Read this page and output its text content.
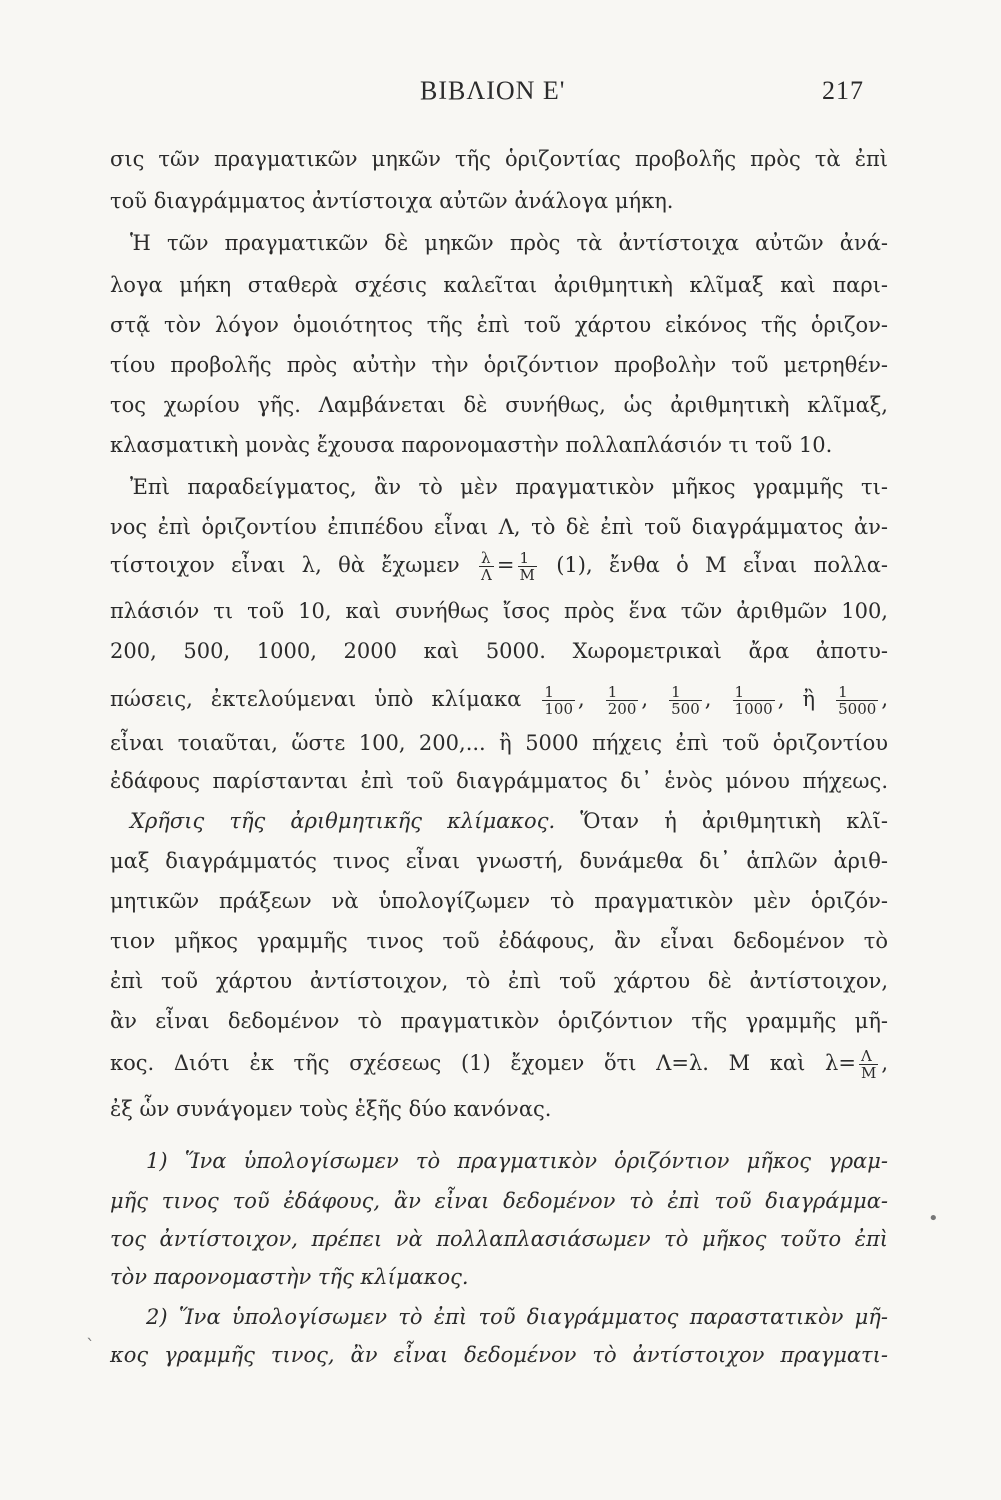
ΒΙΒΛΙΟΝ Ε'	217
σις τῶν πραγματικῶν μηκῶν τῆς ὁριζοντίας προβολῆς πρὸς τὰ ἐπὶ
τοῦ διαγράμματος ἀντίστοιχα αὐτῶν ἀνάλογα μήκη.
Ἡ τῶν πραγματικῶν δὲ μηκῶν πρὸς τὰ ἀντίστοιχα αὐτῶν ἀνά-
λογα μήκη σταθερὰ σχέσις καλεῖται ἀριθμητικὴ κλῖμαξ καὶ παρι-
στᾷ τὸν λόγον ὁμοιότητος τῆς ἐπὶ τοῦ χάρτου εἰκόνος τῆς ὁριζον-
τίου προβολῆς πρὸς αὐτὴν τὴν ὁριζόντιον προβολὴν τοῦ μετρηθέν-
τος χωρίου γῆς. Λαμβάνεται δὲ συνήθως, ὡς ἀριθμητικὴ κλῖμαξ,
κλασματικὴ μονὰς ἔχουσα παρονομαστὴν πολλαπλάσιόν τι τοῦ 10.
Ἐπὶ παραδείγματος, ἂν τὸ μὲν πραγματικὸν μῆκος γραμμῆς τι-
νος ἐπὶ ὁριζοντίου ἐπιπέδου εἶναι Λ, τὸ δὲ ἐπὶ τοῦ διαγράμματος ἀν-
τίστοιχον εἶναι λ, θὰ ἔχωμεν $\frac{\lambda}{\Lambda} = \frac{1}{M} (1)$, ἔνθα ὁ Μ εἶναι πολλα-
πλάσιόν τι τοῦ 10, καὶ συνήθως ἴσος πρὸς ἕνα τῶν ἀριθμῶν 100,
200, 500, 1000, 2000 καὶ 5000. Χωρομετρικαὶ ἄρα ἀποτυ-
πώσεις, ἐκτελούμεναι ὑπὸ κλίμακα $\frac{1}{100}$ , $\frac{1}{200}$ , $\frac{1}{500}$ , $\frac{1}{1000}$ , ἢ $\frac{1}{5000}$ ,
εἶναι τοιαῦται, ὥστε 100, 200,... ἢ 5000 πήχεις ἐπὶ τοῦ ὁριζοντίου
ἐδάφους παρίστανται ἐπὶ τοῦ διαγράμματος δι᾽ ἑνὸς μόνου πήχεως.
Χρῆσις τῆς ἀριθμητικῆς κλίμακος. Ὅταν ἡ ἀριθμητικὴ κλῖ-
μαξ διαγράμματός τινος εἶναι γνωστή, δυνάμεθα δι᾽ ἁπλῶν ἀριθ-
μητικῶν πράξεων νὰ ὑπολογίζωμεν τὸ πραγματικὸν μὲν ὁριζόν-
τιον μῆκος γραμμῆς τινος τοῦ ἐδάφους, ἂν εἶναι δεδομένον τὸ
ἐπὶ τοῦ χάρτου ἀντίστοιχον, τὸ ἐπὶ τοῦ χάρτου δὲ ἀντίστοιχον,
ἂν εἶναι δεδομένον τὸ πραγματικὸν ὁριζόντιον τῆς γραμμῆς μῆ-
κος. Διότι ἐκ τῆς σχέσεως (1) ἔχομεν ὅτι Λ=λ. Μ καὶ $\lambda= \frac{\Lambda}{M}$ ,
ἐξ ὧν συνάγομεν τοὺς ἑξῆς δύο κανόνας.
1) Ἵνα ὑπολογίσωμεν τὸ πραγματικὸν ὁριζόντιον μῆκος γραμ-
μῆς τινος τοῦ ἐδάφους, ἂν εἶναι δεδομένον τὸ ἐπὶ τοῦ διαγράμμα-
τος ἀντίστοιχον, πρέπει νὰ πολλαπλασιάσωμεν τὸ μῆκος τοῦτο ἐπὶ
τὸν παρονομαστὴν τῆς κλίμακος.
2) Ἵνα ὑπολογίσωμεν τὸ ἐπὶ τοῦ διαγράμματος παραστατικὸν μῆ-
κος γραμμῆς τινος, ἂν εἶναι δεδομένον τὸ ἀντίστοιχον πραγματι-
•
ˋ
